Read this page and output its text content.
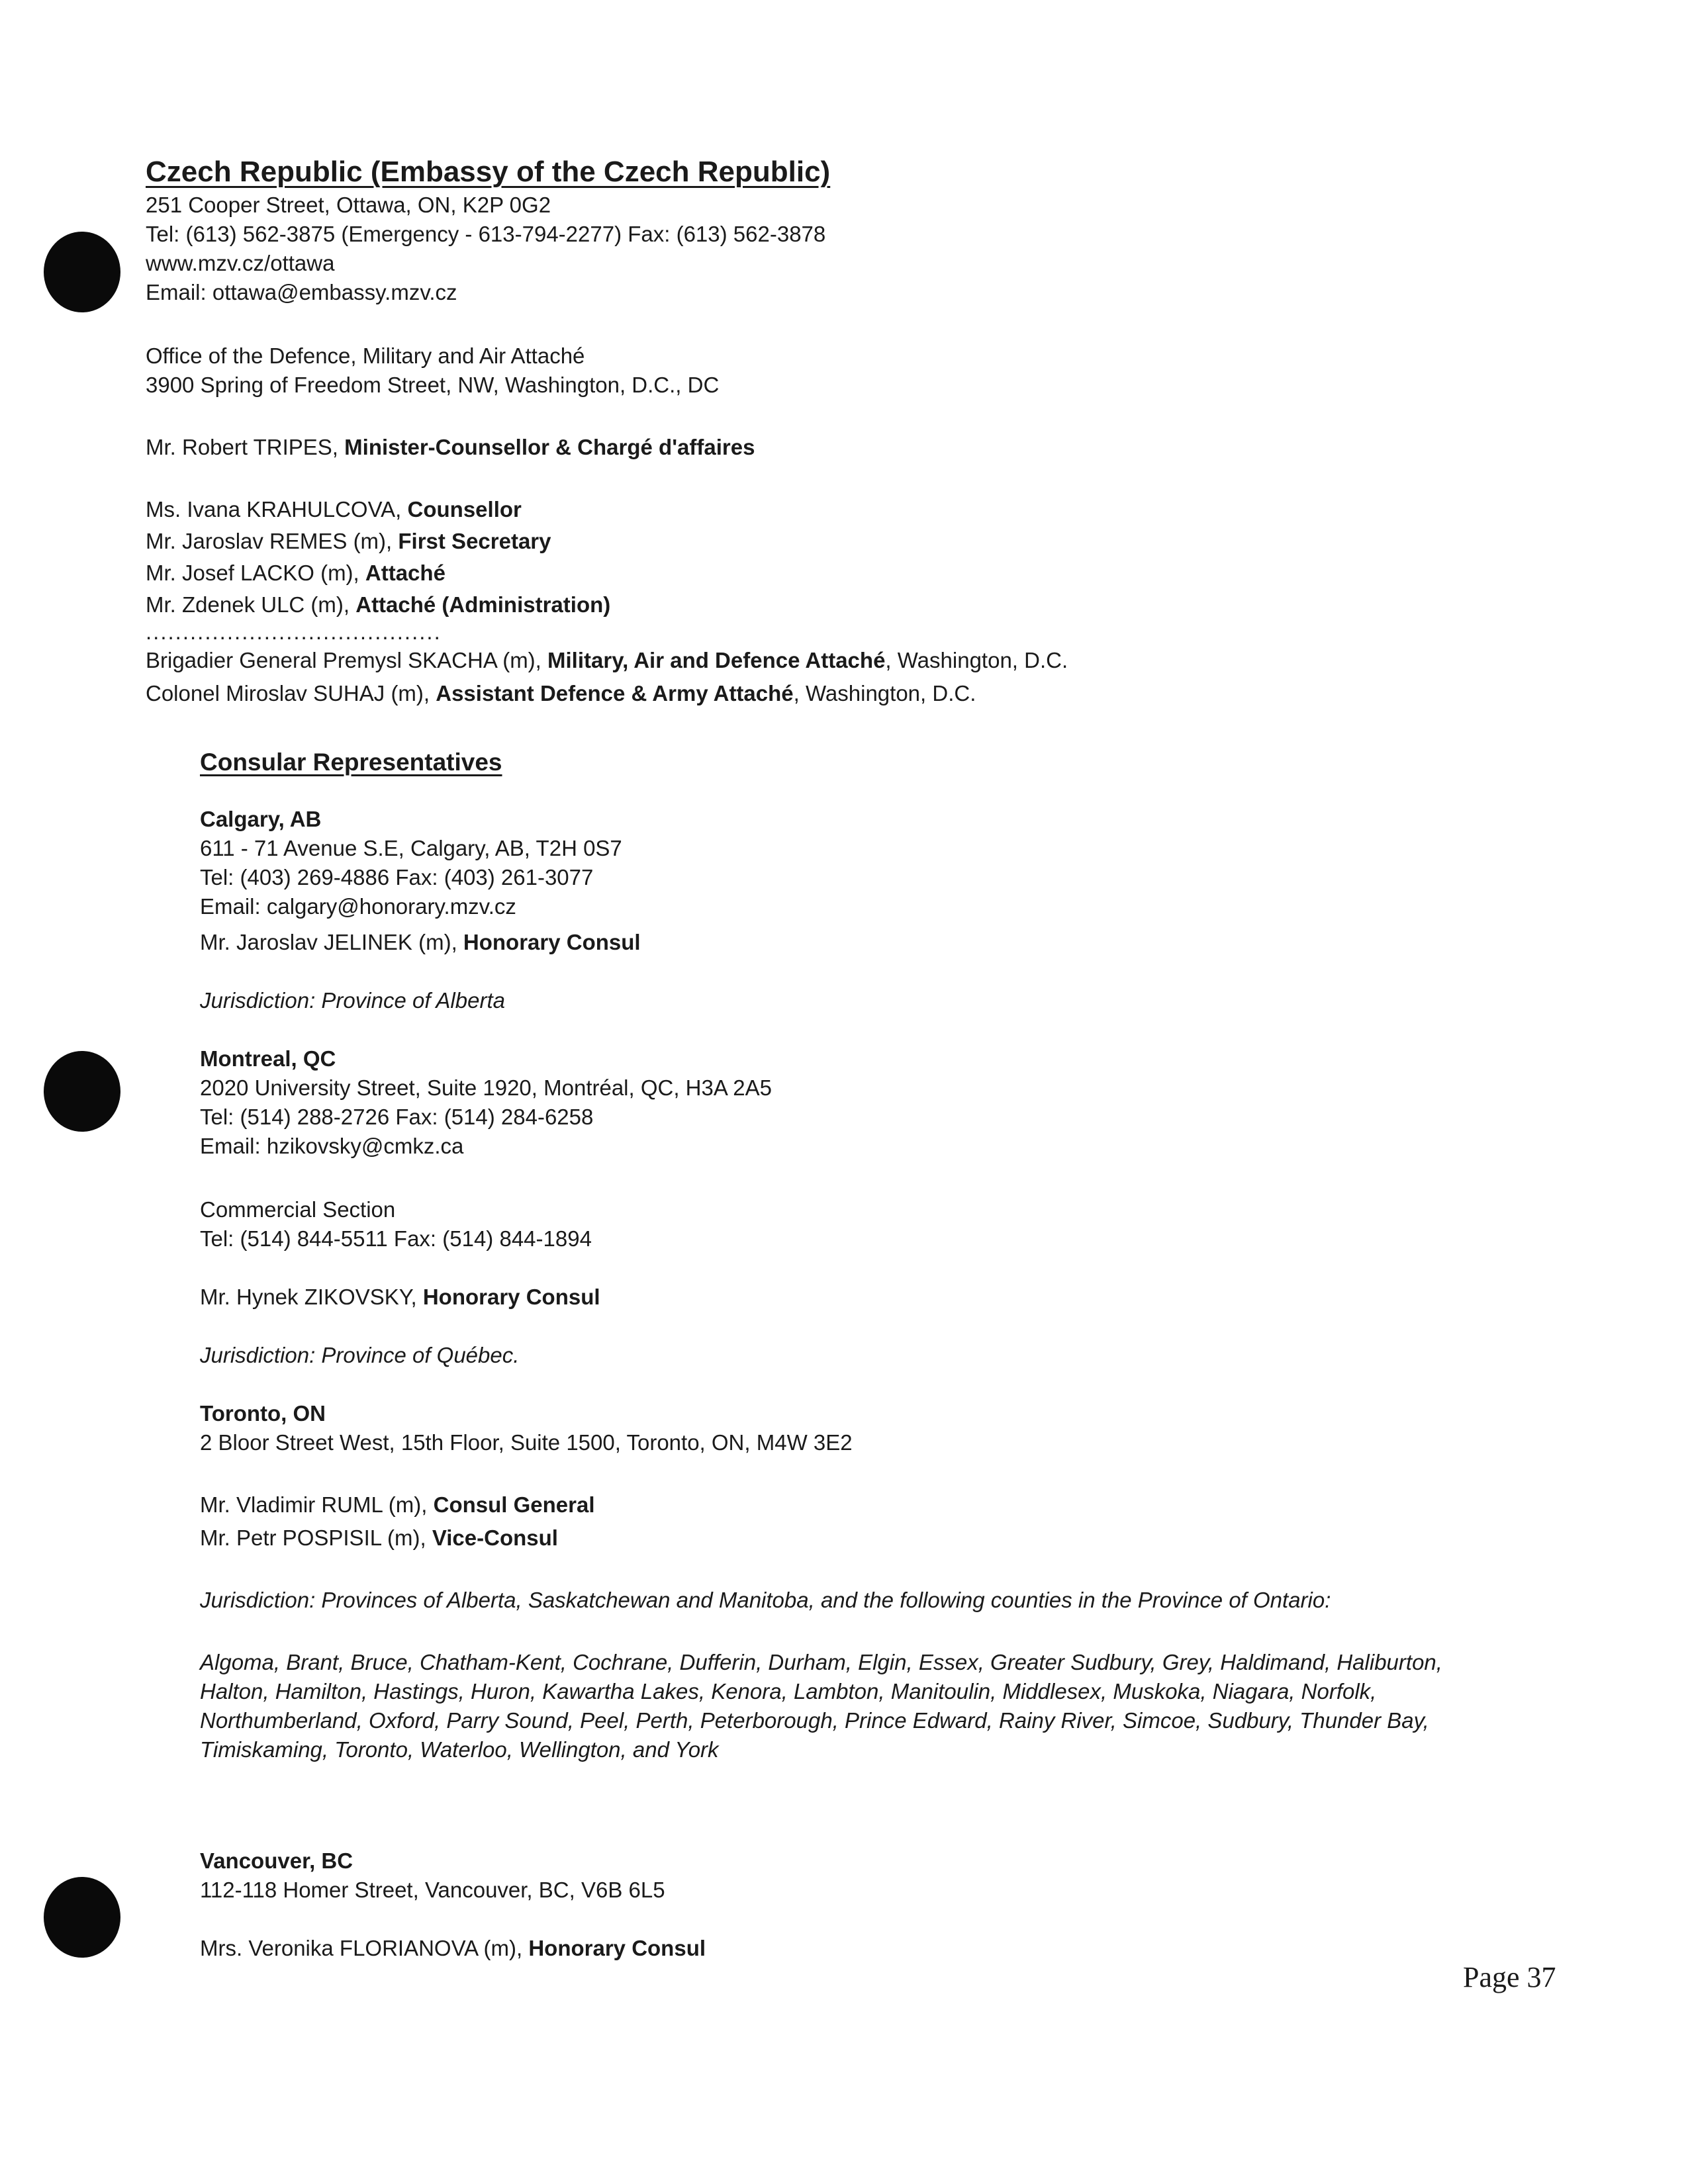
Czech Republic (Embassy of the Czech Republic)
251 Cooper Street, Ottawa, ON, K2P 0G2
Tel: (613) 562-3875 (Emergency - 613-794-2277) Fax: (613) 562-3878
www.mzv.cz/ottawa
Email: ottawa@embassy.mzv.cz
Office of the Defence, Military and Air Attaché
3900 Spring of Freedom Street, NW, Washington, D.C., DC
Mr. Robert TRIPES, Minister-Counsellor & Chargé d'affaires
Ms. Ivana KRAHULCOVA, Counsellor
Mr. Jaroslav REMES (m), First Secretary
Mr. Josef LACKO (m), Attaché
Mr. Zdenek ULC (m), Attaché (Administration)
........................................
Brigadier General Premysl SKACHA (m), Military, Air and Defence Attaché, Washington, D.C.
Colonel Miroslav SUHAJ (m), Assistant Defence & Army Attaché, Washington, D.C.
Consular Representatives
Calgary, AB
611 - 71 Avenue S.E, Calgary, AB, T2H 0S7
Tel: (403) 269-4886 Fax: (403) 261-3077
Email: calgary@honorary.mzv.cz
Mr. Jaroslav JELINEK (m), Honorary Consul
Jurisdiction: Province of Alberta
Montreal, QC
2020 University Street, Suite 1920, Montréal, QC, H3A 2A5
Tel: (514) 288-2726 Fax: (514) 284-6258
Email: hzikovsky@cmkz.ca
Commercial Section
Tel: (514) 844-5511 Fax: (514) 844-1894
Mr. Hynek ZIKOVSKY, Honorary Consul
Jurisdiction: Province of Québec.
Toronto, ON
2 Bloor Street West, 15th Floor, Suite 1500, Toronto, ON, M4W 3E2
Mr. Vladimir RUML (m), Consul General
Mr. Petr POSPISIL (m), Vice-Consul
Jurisdiction: Provinces of Alberta, Saskatchewan and Manitoba, and the following counties in the Province of Ontario:
Algoma, Brant, Bruce, Chatham-Kent, Cochrane, Dufferin, Durham, Elgin, Essex, Greater Sudbury, Grey, Haldimand, Haliburton, Halton, Hamilton, Hastings, Huron, Kawartha Lakes, Kenora, Lambton, Manitoulin, Middlesex, Muskoka, Niagara, Norfolk, Northumberland, Oxford, Parry Sound, Peel, Perth, Peterborough, Prince Edward, Rainy River, Simcoe, Sudbury, Thunder Bay, Timiskaming, Toronto, Waterloo, Wellington, and York
Vancouver, BC
112-118 Homer Street, Vancouver, BC, V6B 6L5
Mrs. Veronika FLORIANOVA (m), Honorary Consul
Page 37
